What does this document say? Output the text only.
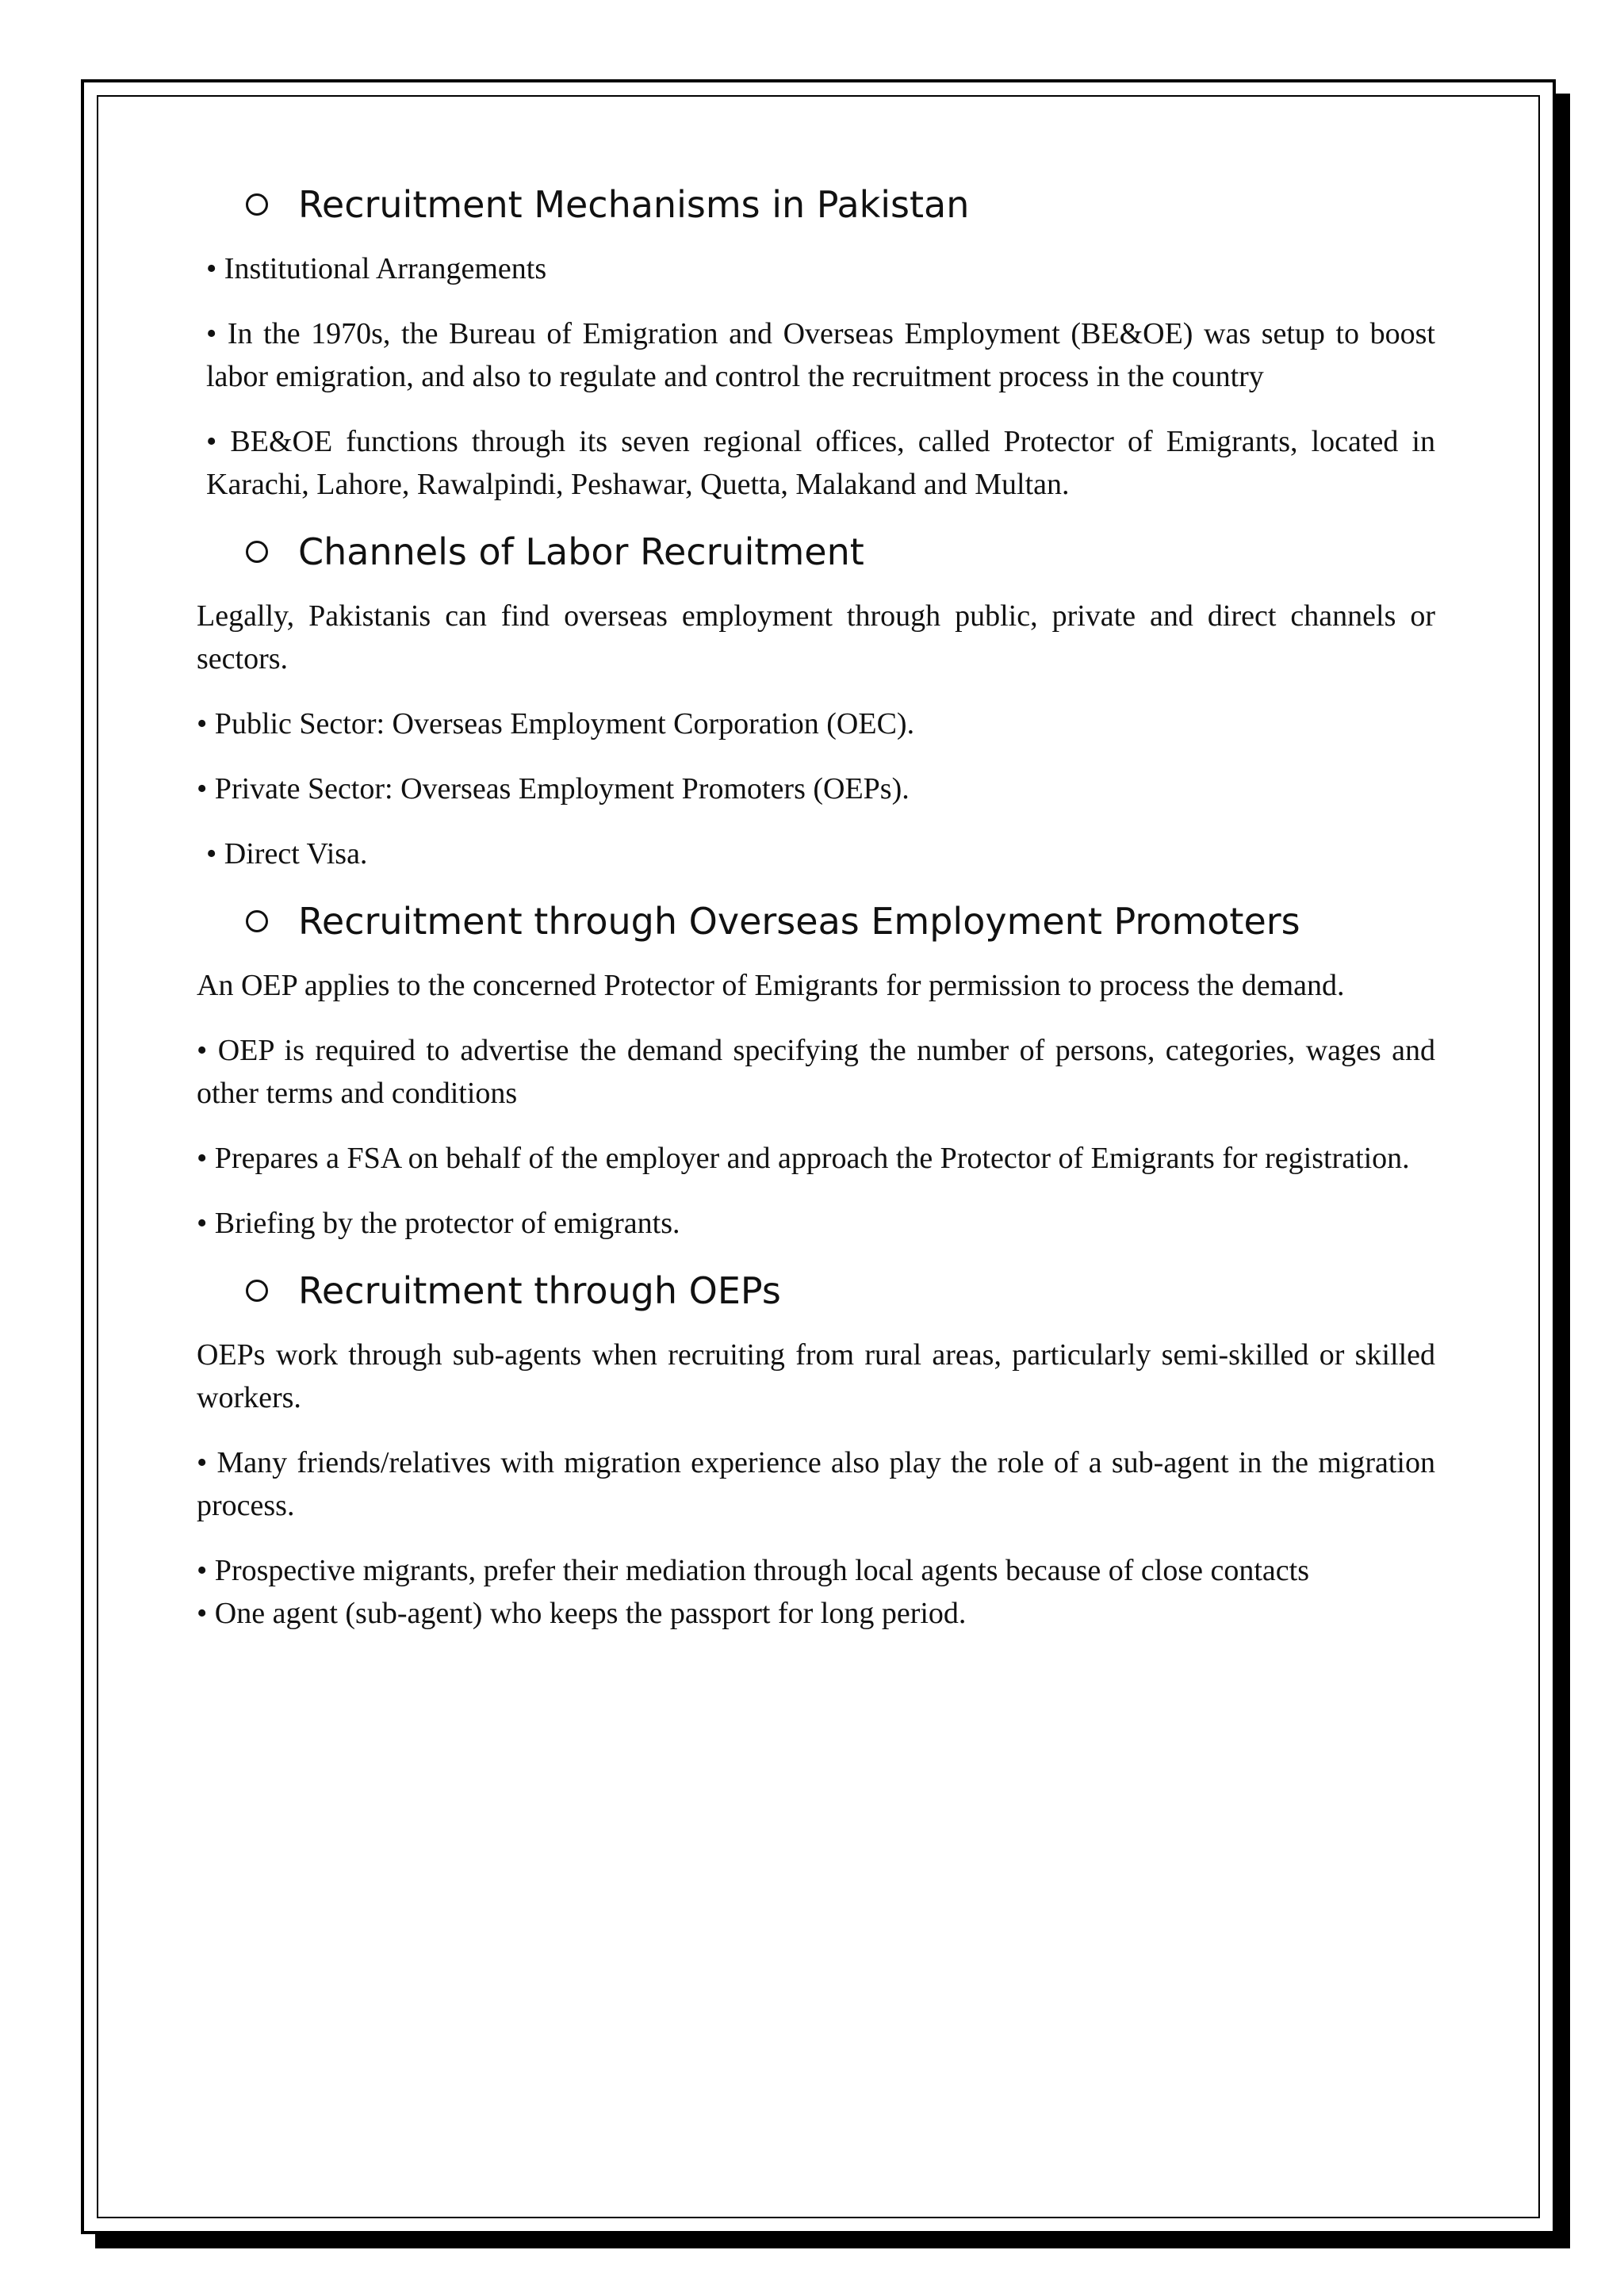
Recruitment Mechanisms in Pakistan

• Institutional Arrangements

• In the 1970s, the Bureau of Emigration and Overseas Employment (BE&OE) was setup to boost labor emigration, and also to regulate and control the recruitment process in the country

• BE&OE functions through its seven regional offices, called Protector of Emigrants, located in Karachi, Lahore, Rawalpindi, Peshawar, Quetta, Malakand and Multan.

Channels of Labor Recruitment

Legally, Pakistanis can find overseas employment through public, private and direct channels or sectors.

• Public Sector: Overseas Employment Corporation (OEC).

• Private Sector: Overseas Employment Promoters (OEPs).

• Direct Visa.

Recruitment through Overseas Employment Promoters

An OEP applies to the concerned Protector of Emigrants for permission to process the demand.

• OEP is required to advertise the demand specifying the number of persons, categories, wages and other terms and conditions

• Prepares a FSA on behalf of the employer and approach the Protector of Emigrants for registration.

• Briefing by the protector of emigrants.

Recruitment through OEPs

OEPs work through sub-agents when recruiting from rural areas, particularly semi-skilled or skilled workers.

• Many friends/relatives with migration experience also play the role of a sub-agent in the migration process.

• Prospective migrants, prefer their mediation through local agents because of close contacts

• One agent (sub-agent) who keeps the passport for long period.
